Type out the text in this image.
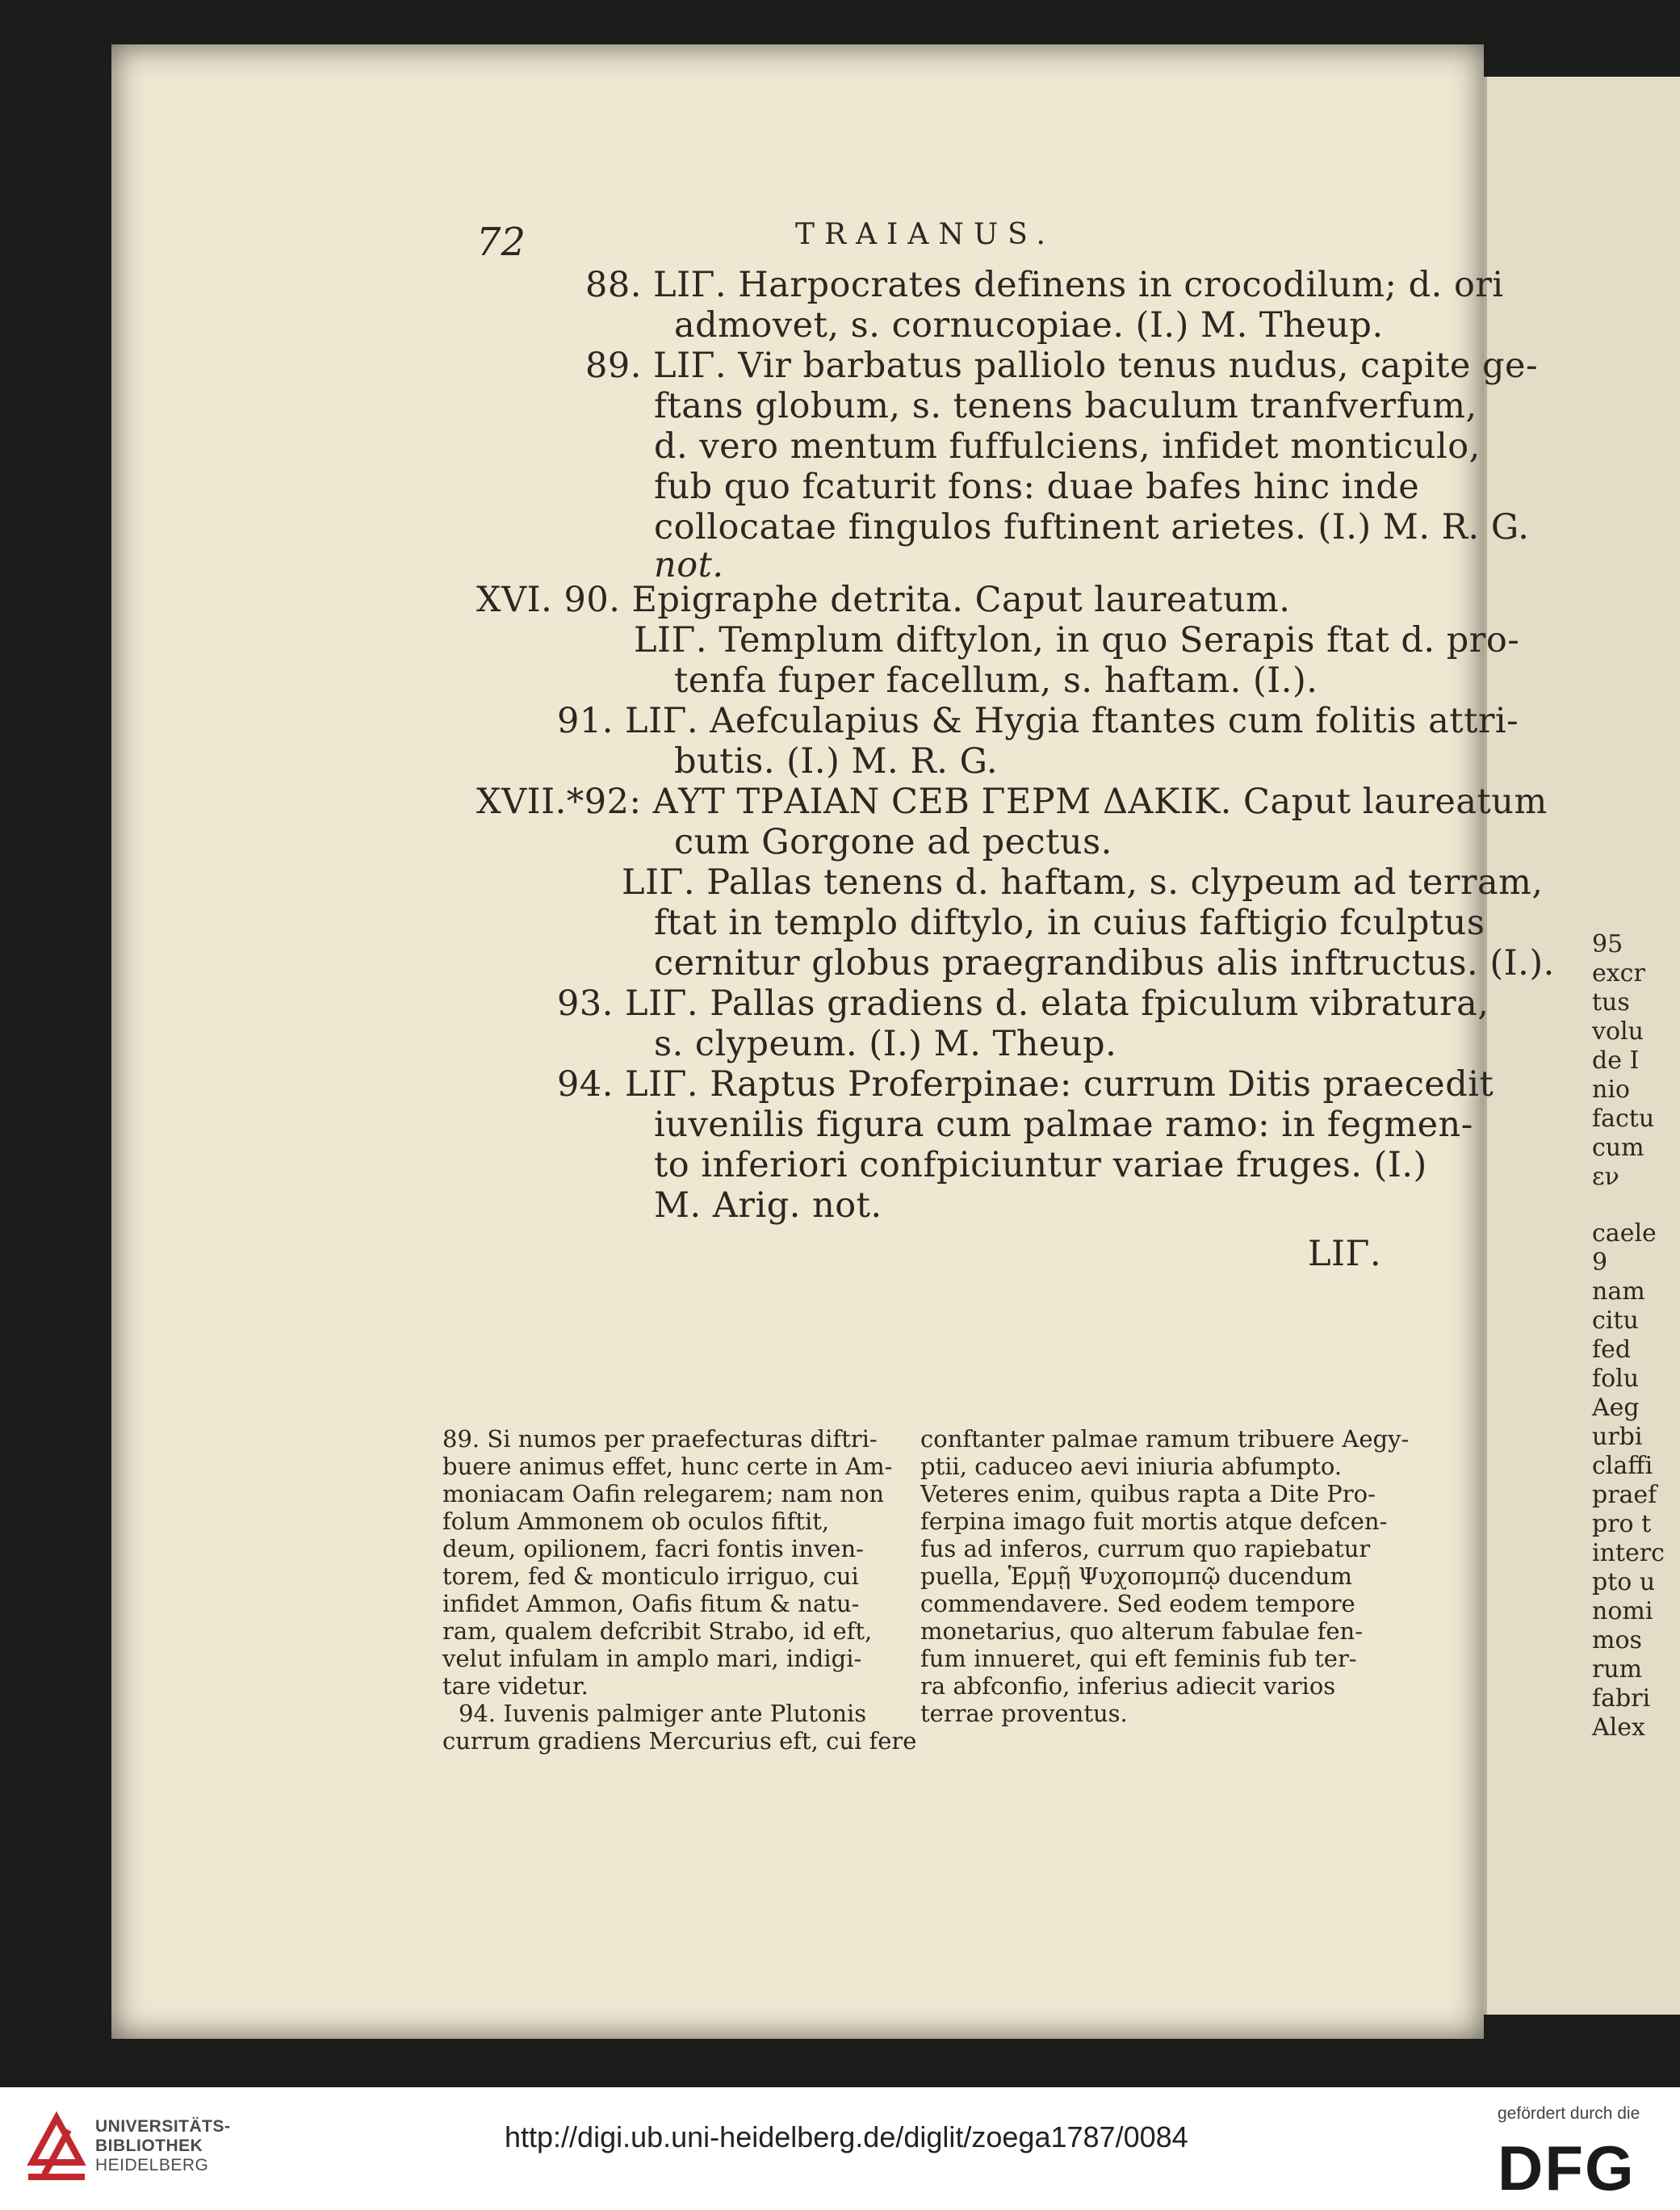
72	TRAIANUS.
88. LIΓ. Harpocrates definens in crocodilum; d. ori
admovet, s. cornucopiae. (I.) M. Theup.
89. LIΓ. Vir barbatus palliolo tenus nudus, capite ge-
ftans globum, s. tenens baculum tranfverfum,
d. vero mentum fuffulciens, infidet monticulo,
fub quo fcaturit fons: duae bafes hinc inde
collocatae fingulos fuftinent arietes. (I.) M. R. G.
not.
XVI. 90. Epigraphe detrita. Caput laureatum.
LIΓ. Templum diftylon, in quo Serapis ftat d. pro-
tenfa fuper facellum, s. haftam. (I.).
91. LIΓ. Aefculapius & Hygia ftantes cum folitis attri-
butis. (I.) M. R. G.
XVII.*92: ΑΥΤ ΤΡΑΙΑΝ ϹΕΒ ΓΕΡΜ ΔΑΚΙΚ. Caput laureatum
cum Gorgone ad pectus.
LIΓ. Pallas tenens d. haftam, s. clypeum ad terram,
ftat in templo diftylo, in cuius faftigio fculptus
cernitur globus praegrandibus alis inftructus. (I.).
93. LIΓ. Pallas gradiens d. elata fpiculum vibratura,
s. clypeum. (I.) M. Theup.
94. LIΓ. Raptus Proferpinae: currum Ditis praecedit
iuvenilis figura cum palmae ramo: in fegmen-
to inferiori confpiciuntur variae fruges. (I.)
M. Arig. not.
LIΓ.
89. Si numos per praefecturas diftri-
buere animus effet, hunc certe in Am-
moniacam Oafin relegarem; nam non
folum Ammonem ob oculos fiftit,
deum, opilionem, facri fontis inven-
torem, fed & monticulo irriguo, cui
infidet Ammon, Oafis fitum & natu-
ram, qualem defcribit Strabo, id eft,
velut infulam in amplo mari, indigi-
tare videtur.
94. Iuvenis palmiger ante Plutonis
currum gradiens Mercurius eft, cui fere
conftanter palmae ramum tribuere Aegy-
ptii, caduceo aevi iniuria abfumpto.
Veteres enim, quibus rapta a Dite Pro-
ferpina imago fuit mortis atque defcen-
fus ad inferos, currum quo rapiebatur
puella, Ἑρμῇ Ψυχοπομπῷ ducendum
commendavere. Sed eodem tempore
monetarius, quo alterum fabulae fen-
fum innueret, qui eft feminis fub ter-
ra abfconfio, inferius adiecit varios
terrae proventus.
95
excr
tus
volu
de I
nio
factu
cum
εν
caele
9
nam
citu
fed
folu
Aeg
urbi
claffi
praef
pro t
interc
pto u
nomi
mos
rum
fabri
Alex
UNIVERSITÄTS-
BIBLIOTHEK
HEIDELBERG
http://digi.ub.uni-heidelberg.de/diglit/zoega1787/0084
gefördert durch die
DFG
